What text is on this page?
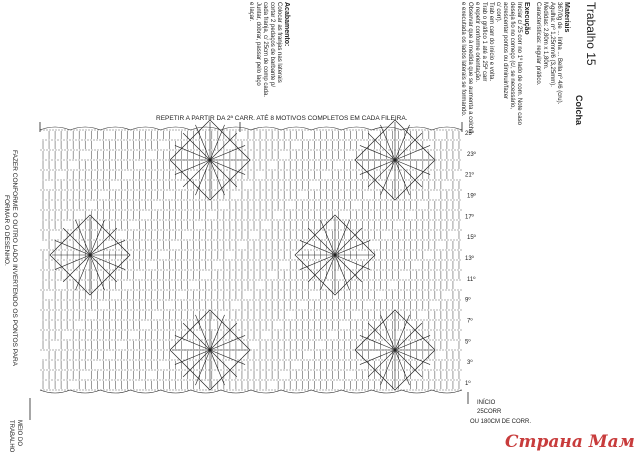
Trabalho 15
Colcha
Materiais
367/0g de ... linha ... Bella nº 4/6 (cru).
Agulha: nº 1,25mm/6 (3,25mm).
Medidas: 2,80m x 1,80m.
Características: regular prático.
Execução
Iniciar c/ 25 corr no 1º lado de com. Note caso
deseja fio no começo (c/, se necessário,
acrescentar pontos ou diminuir/fazer
c/ corr).
Trab em carr do início e volta.
Trab o gráfico 1 até a 25ª carr
e repetir conforme orientação.
Observar que à medida que se aumenta a colcha
e executada os lados laterais se formando.
Acabamento:
Colocar as franjas nas laterais
cortar 2 pedaços de barbante p/
cada franja, c/ 25cm de comp cada.
Juntar, dobrar, passar pelo laço
e laçar.
REPETIR A PARTIR DA 2ª CARR. ATÉ 8 MOTIVOS COMPLETOS EM CADA FILEIRA.
1º
3º
5º
7º
9º
11º
13º
15º
17º
19º
21º
23º
25º
FAZER CONFORME O OUTRO LADO INVERTENDO OS PONTOS PARA
FORMAR O DESENHO.
INÍCIO
25CORR
OU 180CM DE CORR.
MEIO DO
TRABALHO	Страна Мам
